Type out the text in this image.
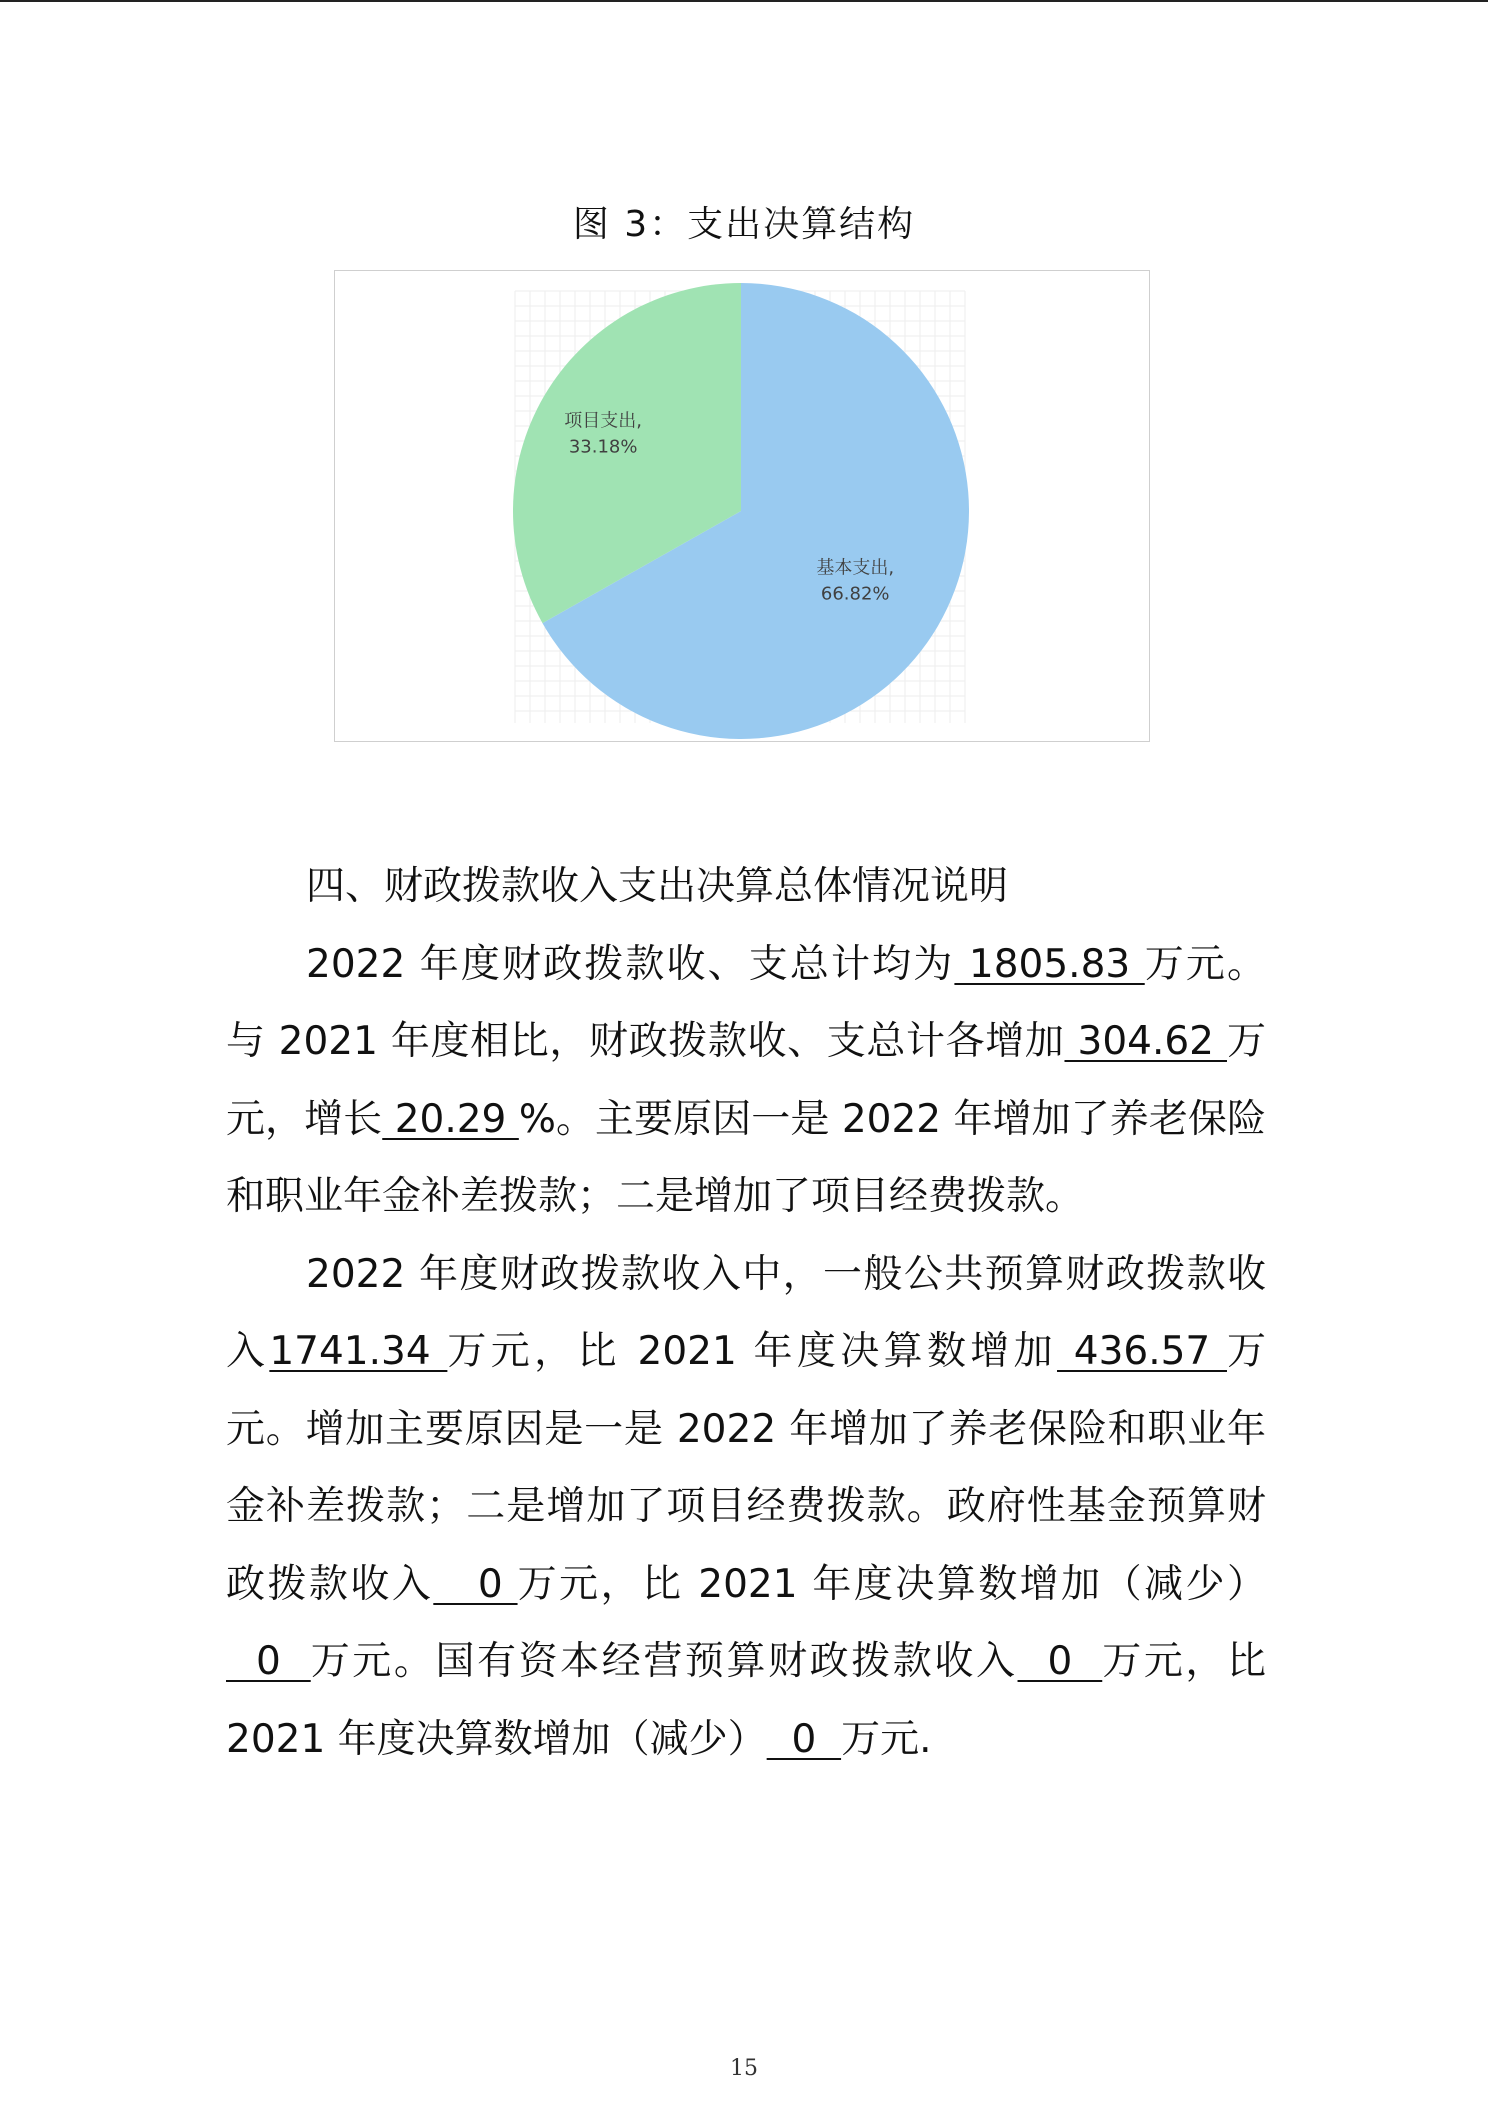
图 3：支出决算结构
基本支出,
66.82%
项目支出,
33.18%

四、财政拨款收入支出决算总体情况说明

2022 年度财政拨款收、支总计均为 1805.83 万元。与 2021 年度相比，财政拨款收、支总计各增加 304.62 万元，增长 20.29 %。主要原因一是 2022 年增加了养老保险和职业年金补差拨款；二是增加了项目经费拨款。

2022 年度财政拨款收入中，一般公共预算财政拨款收入1741.34 万元，比 2021 年度决算数增加 436.57 万元。增加主要原因是一是 2022 年增加了养老保险和职业年金补差拨款；二是增加了项目经费拨款。政府性基金预算财政拨款收入   0 万元，比 2021 年度决算数增加（减少）  0  万元。国有资本经营预算财政拨款收入  0  万元，比 2021 年度决算数增加（减少）  0  万元.

15
